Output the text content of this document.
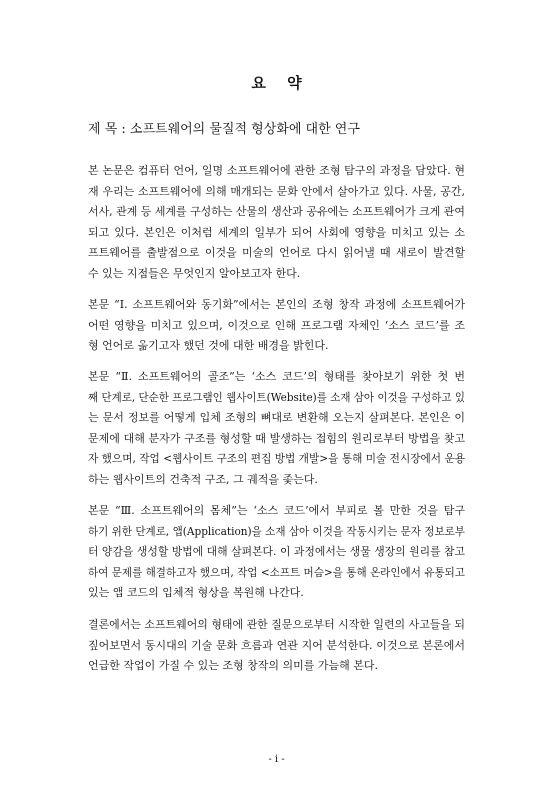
요 약
제 목 : 소프트웨어의 물질적 형상화에 대한 연구
본 논문은 컴퓨터 언어, 일명 소프트웨어에 관한 조형 탐구의 과정을 담았다. 현
재 우리는 소프트웨어에 의해 매개되는 문화 안에서 살아가고 있다. 사물, 공간,
서사, 관계 등 세계를 구성하는 산물의 생산과 공유에는 소프트웨어가 크게 관여
되고 있다. 본인은 이처럼 세계의 일부가 되어 사회에 영향을 미치고 있는 소
프트웨어를 출발점으로 이것을 미술의 언어로 다시 읽어낼 때 새로이 발견할
수 있는 지점들은 무엇인지 알아보고자 한다.
본문 “Ⅰ. 소프트웨어와 동기화”에서는 본인의 조형 창작 과정에 소프트웨어가
어떤 영향을 미치고 있으며, 이것으로 인해 프로그램 자체인 ‘소스 코드’를 조
형 언어로 옮기고자 했던 것에 대한 배경을 밝힌다.
본문 “Ⅱ. 소프트웨어의 골조”는 ‘소스 코드’의 형태를 찾아보기 위한 첫 번
째 단계로, 단순한 프로그램인 웹사이트(Website)를 소재 삼아 이것을 구성하고 있
는 문서 정보를 어떻게 입체 조형의 뼈대로 변환해 오는지 살펴본다. 본인은 이
문제에 대해 분자가 구조를 형성할 때 발생하는 접힘의 원리로부터 방법을 찾고
자 했으며, 작업 <웹사이트 구조의 편집 방법 개발>을 통해 미술 전시장에서 운용
하는 웹사이트의 건축적 구조, 그 궤적을 좇는다.
본문 “Ⅲ. 소프트웨어의 몸체”는 ‘소스 코드’에서 부피로 볼 만한 것을 탐구
하기 위한 단계로, 앱(Application)을 소재 삼아 이것을 작동시키는 문자 정보로부
터 양감을 생성할 방법에 대해 살펴본다. 이 과정에서는 생물 생장의 원리를 참고
하여 문제를 해결하고자 했으며, 작업 <소프트 머슴>을 통해 온라인에서 유통되고
있는 앱 코드의 입체적 형상을 복원해 나간다.
결론에서는 소프트웨어의 형태에 관한 질문으로부터 시작한 일련의 사고들을 되
짚어보면서 동시대의 기술 문화 흐름과 연관 지어 분석한다. 이것으로 본론에서
언급한 작업이 가질 수 있는 조형 창작의 의미를 가늠해 본다.
- i -
